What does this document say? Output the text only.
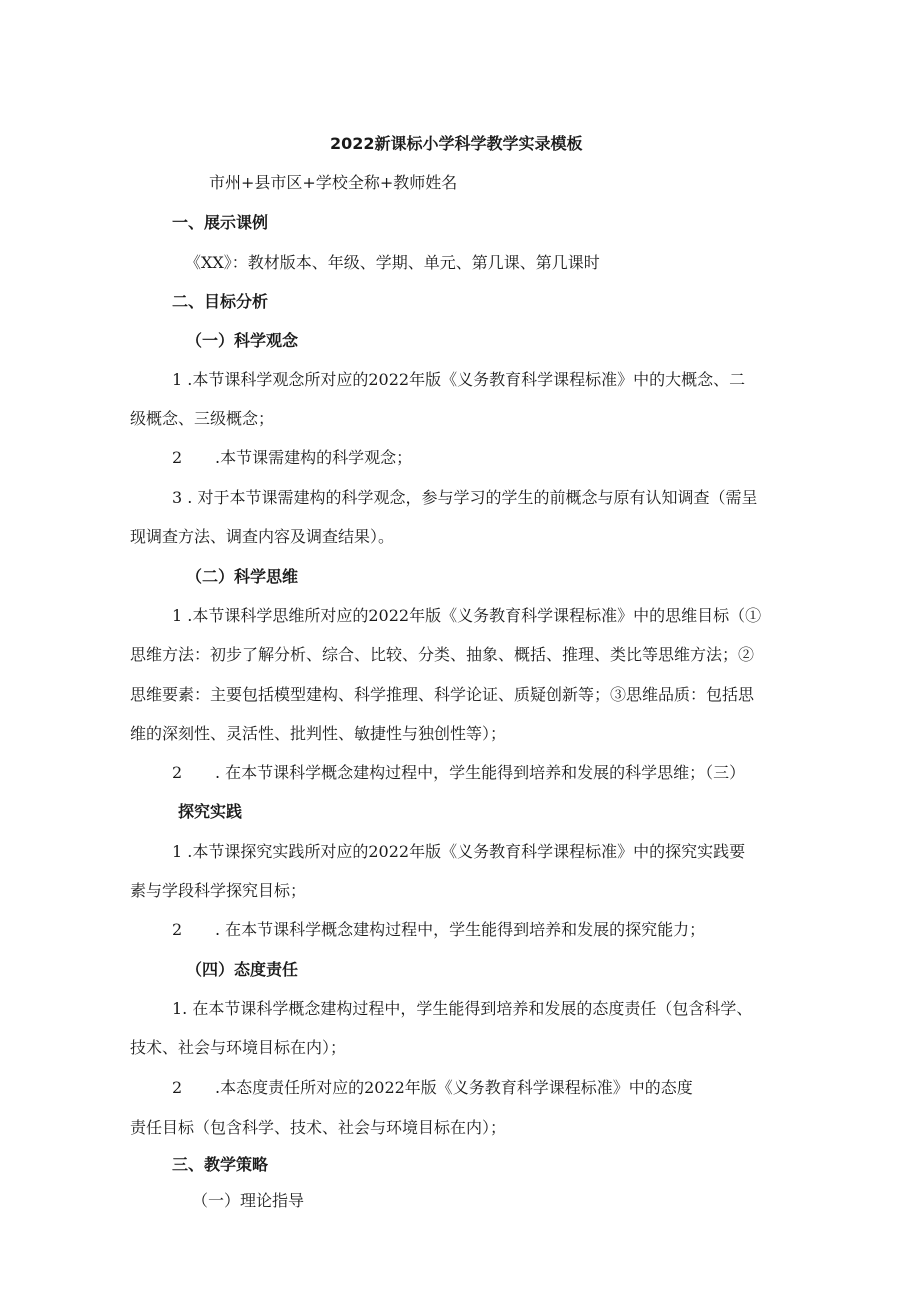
2022新课标小学科学教学实录模板
市州+县市区+学校全称+教师姓名
一、展示课例
《XX》：教材版本、年级、学期、单元、第几课、第几课时
二、目标分析
（一）科学观念
1 .本节课科学观念所对应的2022年版《义务教育科学课程标准》中的大概念、二
级概念、三级概念；
2 .本节课需建构的科学观念；
3 . 对于本节课需建构的科学观念，参与学习的学生的前概念与原有认知调查（需呈
现调查方法、调查内容及调查结果）。
（二）科学思维
1 .本节课科学思维所对应的2022年版《义务教育科学课程标准》中的思维目标（①
思维方法：初步了解分析、综合、比较、分类、抽象、概括、推理、类比等思维方法；②
思维要素：主要包括模型建构、科学推理、科学论证、质疑创新等；③思维品质：包括思
维的深刻性、灵活性、批判性、敏捷性与独创性等）；
2 . 在本节课科学概念建构过程中，学生能得到培养和发展的科学思维；（三）
探究实践
1 .本节课探究实践所对应的2022年版《义务教育科学课程标准》中的探究实践要
素与学段科学探究目标；
2 . 在本节课科学概念建构过程中，学生能得到培养和发展的探究能力；
（四）态度责任
1. 在本节课科学概念建构过程中，学生能得到培养和发展的态度责任（包含科学、
技术、社会与环境目标在内）；
2 .本态度责任所对应的2022年版《义务教育科学课程标准》中的态度
责任目标（包含科学、技术、社会与环境目标在内）；
三、教学策略
（一）理论指导
